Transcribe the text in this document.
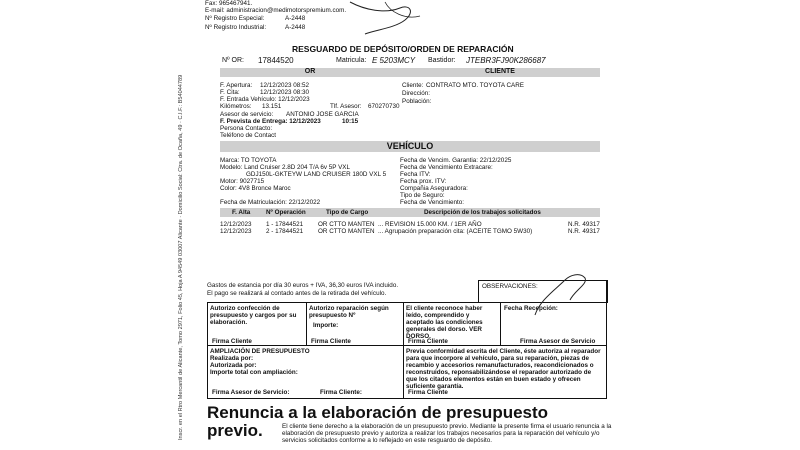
Fax: 965467941.
E-mail: administracion@medimotorspremium.com.
Nº Registro Especial:	A-2448
Nº Registro Industrial:	A-2448
Inscr. en el Rtro Mercantil de Alicante, Tomo 2971, Folio 45, Hoja A 94549 03007 Alicante · Domicilio Social: Ctra. de Ocaña, 49 · C.I.F.: B54044789
RESGUARDO DE DEPÓSITO/ORDEN DE REPARACIÓN
Nº OR: 17844520	Matricula: E 5203MCY Bastidor: JTEBR3FJ90K286687
OR	CLIENTE
F. Apertura: 12/12/2023 08:52
F. Cita:	12/12/2023 08:30
F. Entrada Vehículo: 12/12/2023
Kilómetros: 13.151	Tlf. Asesor: 670270730
Asesor de servicio: ANTONIO JOSE GARCIA
F. Prevista de Entrega: 12/12/2023	10:15
Persona Contacto:
Teléfono de Contact
Cliente: CONTRATO MTO. TOYOTA CARE
Dirección:
Población:
VEHÍCULO
Marca: TO TOYOTA
Modelo: Land Cruiser 2.8D 204 T/A 6v 5P VXL
GDJ150L-GKTEYW LAND CRUISER 180D VXL 5
Motor: 9027715
Color: 4V8 Bronce Maroc
Fecha de Matriculación: 22/12/2022
Fecha de Vencim. Garantia: 22/12/2025
Fecha de Vencimiento Extracare:
Fecha ITV:
Fecha prox. ITV:
Compañia Aseguradora:
Tipo de Seguro:
Fecha de Vencimiento:
F. Alta Nº Operación	Tipo de Cargo	Descripción de los trabajos solicitados
12/12/2023 1 - 17844521 OR CTTO MANTEN ... REVISION 15.000 KM. / 1ER AÑO	N.R. 49317
12/12/2023 2 - 17844521 OR CTTO MANTEN ... Agrupación preparación cita: (ACEITE TGMO 5W30)	N.R. 49317
Gastos de estancia por día 30 euros + IVA, 36,30 euros IVA incluido.
El pago se realizará al contado antes de la retirada del vehículo.
OBSERVACIONES:
Autorizo confección de presupuesto y cargos por su elaboración.
Firma Cliente
Autorizo reparación según presupuesto Nº
Importe:
Firma Cliente
El cliente reconoce haber leído, comprendido y aceptado las condiciones generales del dorso. VER DORSO.
Firma Cliente
Fecha Recepción:
Firma Asesor de Servicio
AMPLIACIÓN DE PRESUPUESTO
Realizada por:
Autorizada por:
Importe total con ampliación:
Firma Asesor de Servicio:	Firma Cliente:
Previa conformidad escrita del Cliente, éste autoriza al reparador para que incorpore al vehículo, para su reparación, piezas de recambio y accesorios remanufacturados, reacondicionados o reconstruidos, reponsabilizándose el reparador autorizado de que los citados elementos están en buen estado y ofrecen suficiente garantía.
Firma Cliente
Renuncia a la elaboración de presupuesto
previo.	El cliente tiene derecho a la elaboración de un presupuesto previo. Mediante la presente firma el usuario renuncia a la elaboración de presupuesto previo y autoriza a realizar los trabajos necesarios para la reparación del vehículo y/o servicios solicitados conforme a lo reflejado en este resguardo de depósito.
